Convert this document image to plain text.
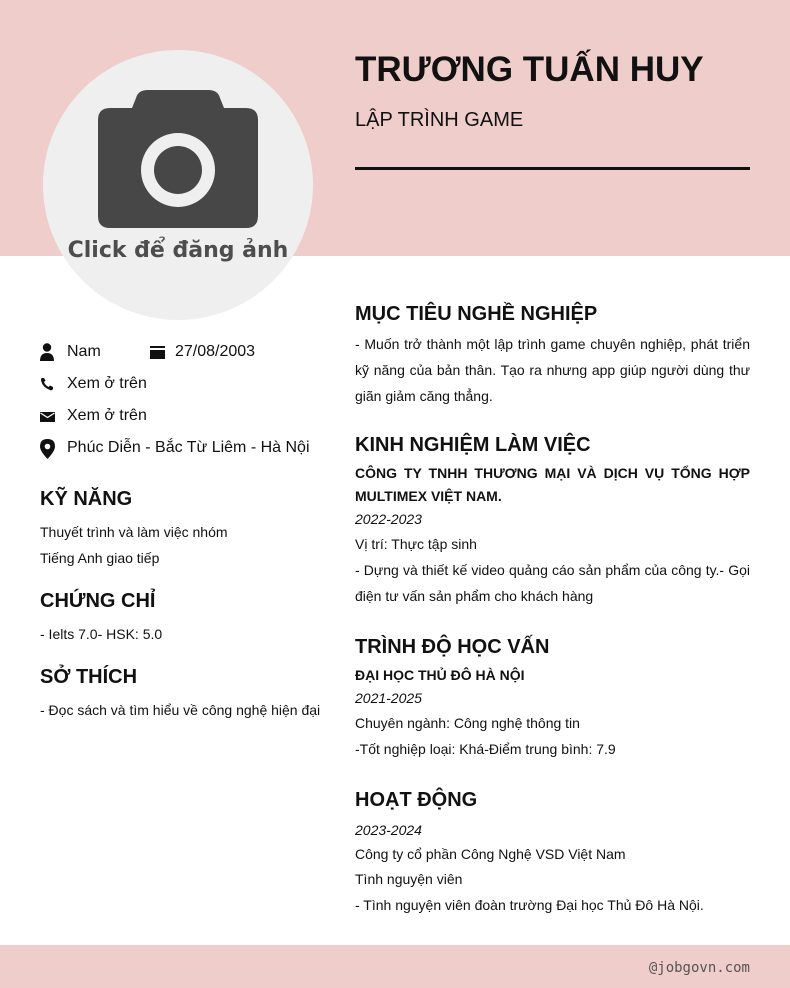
Click để đăng ảnh
TRƯƠNG TUẤN HUY
LẬP TRÌNH GAME
Nam	27/08/2003
Xem ở trên
Xem ở trên
Phúc Diễn - Bắc Từ Liêm - Hà Nội
KỸ NĂNG
Thuyết trình và làm việc nhóm
Tiếng Anh giao tiếp
CHỨNG CHỈ
- Ielts 7.0- HSK: 5.0
SỞ THÍCH
- Đọc sách và tìm hiểu về công nghệ hiện đại
MỤC TIÊU NGHỀ NGHIỆP
- Muốn trở thành một lập trình game chuyên nghiệp, phát triển kỹ năng của bản thân. Tạo ra nhưng app giúp người dùng thư giãn giảm căng thẳng.
KINH NGHIỆM LÀM VIỆC
CÔNG TY TNHH THƯƠNG MẠI VÀ DỊCH VỤ TỔNG HỢP MULTIMEX VIỆT NAM.
2022-2023
Vị trí: Thực tập sinh
- Dựng và thiết kế video quảng cáo sản phẩm của công ty.- Gọi điện tư vấn sản phẩm cho khách hàng
TRÌNH ĐỘ HỌC VẤN
ĐẠI HỌC THỦ ĐÔ HÀ NỘI
2021-2025
Chuyên ngành: Công nghệ thông tin
-Tốt nghiệp loại: Khá-Điểm trung bình: 7.9
HOẠT ĐỘNG
2023-2024
Công ty cổ phần Công Nghệ VSD Việt Nam
Tình nguyện viên
- Tình nguyện viên đoàn trường Đại học Thủ Đô Hà Nội.
@jobgovn.com
